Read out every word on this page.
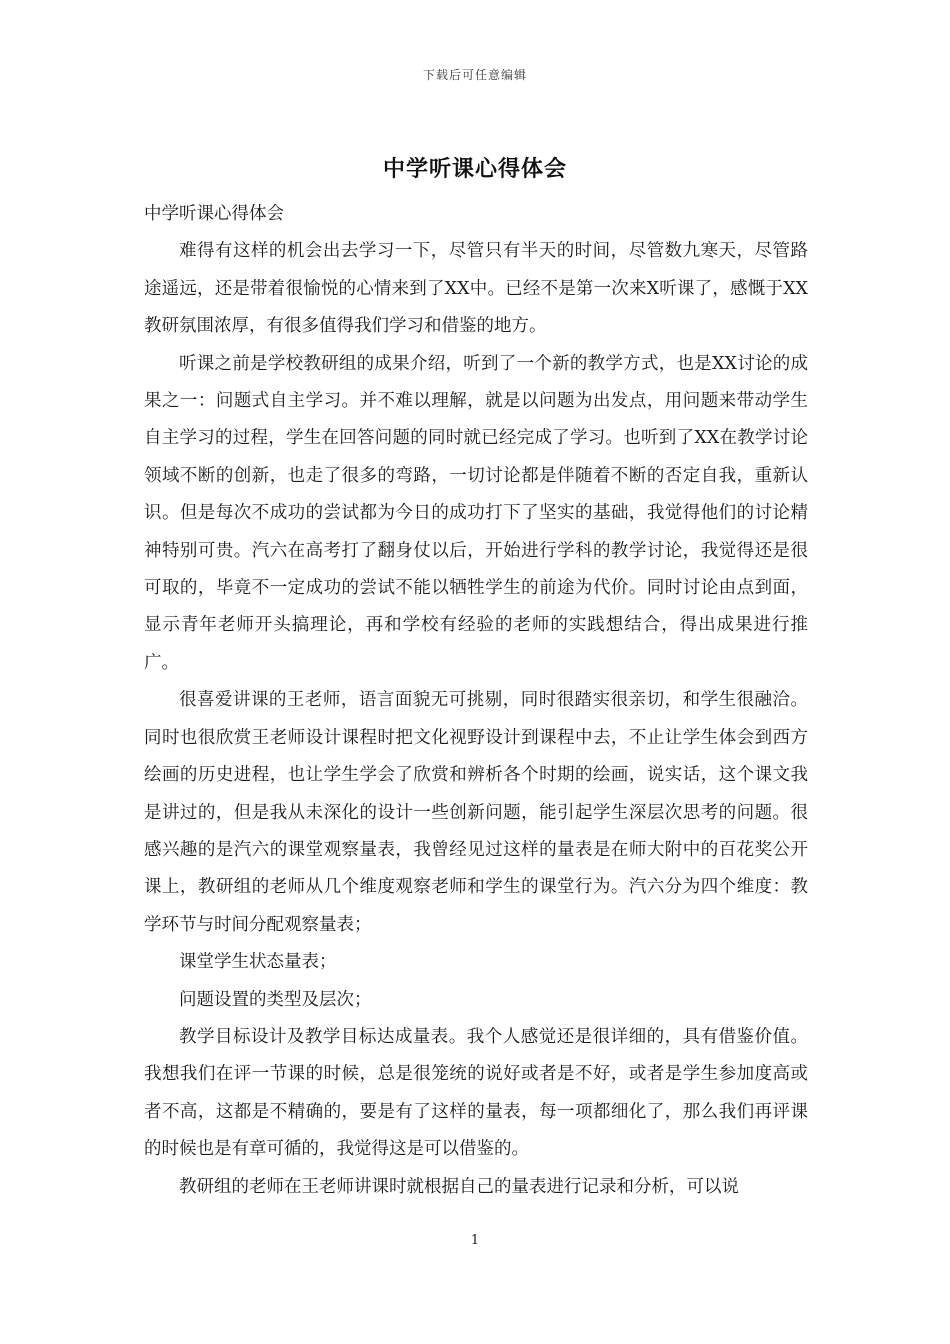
下载后可任意编辑
中学听课心得体会

中学听课心得体会

难得有这样的机会出去学习一下，尽管只有半天的时间，尽管数九寒天，尽管路途遥远，还是带着很愉悦的心情来到了XX中。已经不是第一次来X听课了，感慨于XX教研氛围浓厚，有很多值得我们学习和借鉴的地方。

听课之前是学校教研组的成果介绍，听到了一个新的教学方式，也是XX讨论的成果之一：问题式自主学习。并不难以理解，就是以问题为出发点，用问题来带动学生自主学习的过程，学生在回答问题的同时就已经完成了学习。也听到了XX在教学讨论领域不断的创新，也走了很多的弯路，一切讨论都是伴随着不断的否定自我，重新认识。但是每次不成功的尝试都为今日的成功打下了坚实的基础，我觉得他们的讨论精神特别可贵。汽六在高考打了翻身仗以后，开始进行学科的教学讨论，我觉得还是很可取的，毕竟不一定成功的尝试不能以牺牲学生的前途为代价。同时讨论由点到面，显示青年老师开头搞理论，再和学校有经验的老师的实践想结合，得出成果进行推广。

很喜爱讲课的王老师，语言面貌无可挑剔，同时很踏实很亲切，和学生很融洽。同时也很欣赏王老师设计课程时把文化视野设计到课程中去，不止让学生体会到西方绘画的历史进程，也让学生学会了欣赏和辨析各个时期的绘画，说实话，这个课文我是讲过的，但是我从未深化的设计一些创新问题，能引起学生深层次思考的问题。很感兴趣的是汽六的课堂观察量表，我曾经见过这样的量表是在师大附中的百花奖公开课上，教研组的老师从几个维度观察老师和学生的课堂行为。汽六分为四个维度：教学环节与时间分配观察量表；

课堂学生状态量表；

问题设置的类型及层次；

教学目标设计及教学目标达成量表。我个人感觉还是很详细的，具有借鉴价值。我想我们在评一节课的时候，总是很笼统的说好或者是不好，或者是学生参加度高或者不高，这都是不精确的，要是有了这样的量表，每一项都细化了，那么我们再评课的时候也是有章可循的，我觉得这是可以借鉴的。

教研组的老师在王老师讲课时就根据自己的量表进行记录和分析，可以说

1
